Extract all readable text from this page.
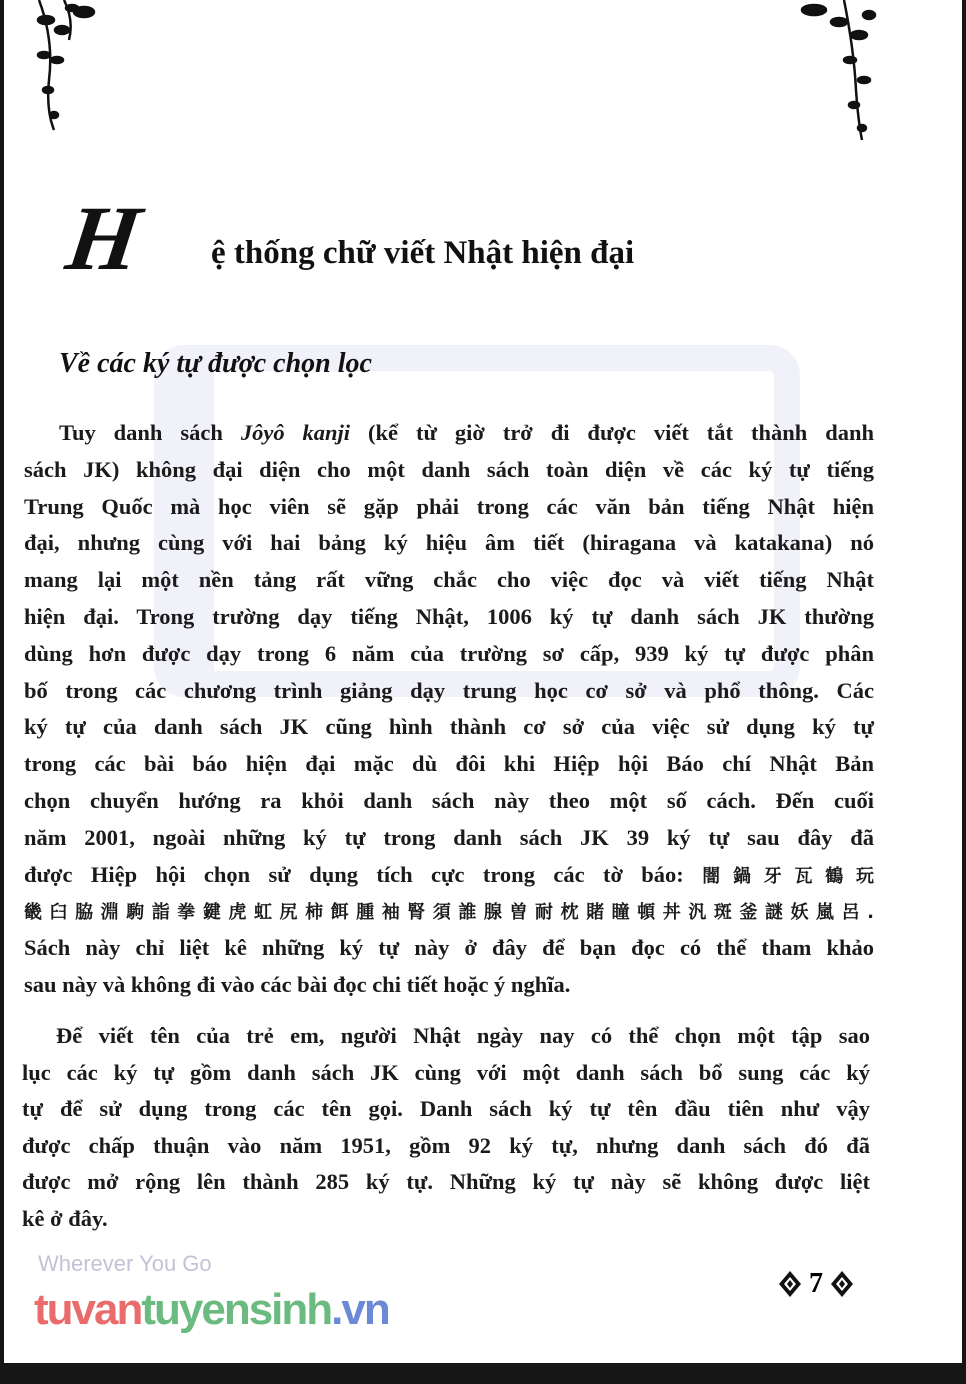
Wherever You Go
tuvantuyensinh.vn
H ệ thống chữ viết Nhật hiện đại
Về các ký tự được chọn lọc
Tuy danh sách Jôyô kanji (kể từ giờ trở đi được viết tắt thành danh
sách JK) không đại diện cho một danh sách toàn diện về các ký tự tiếng
Trung Quốc mà học viên sẽ gặp phải trong các văn bản tiếng Nhật hiện
đại, nhưng cùng với hai bảng ký hiệu âm tiết (hiragana và katakana) nó
mang lại một nền tảng rất vững chắc cho việc đọc và viết tiếng Nhật
hiện đại. Trong trường dạy tiếng Nhật, 1006 ký tự danh sách JK thường
dùng hơn được dạy trong 6 năm của trường sơ cấp, 939 ký tự được phân
bố trong các chương trình giảng dạy trung học cơ sở và phổ thông. Các
ký tự của danh sách JK cũng hình thành cơ sở của việc sử dụng ký tự
trong các bài báo hiện đại mặc dù đôi khi Hiệp hội Báo chí Nhật Bản
chọn chuyển hướng ra khỏi danh sách này theo một số cách. Đến cuối
năm 2001, ngoài những ký tự trong danh sách JK 39 ký tự sau đây đã
được Hiệp hội chọn sử dụng tích cực trong các tờ báo: 闇鍋牙瓦鶴玩
畿臼脇淵駒詣拳鍵虎虹尻柿餌腫袖腎須誰腺曽耐枕賭瞳頓丼汎斑釜謎妖嵐呂.
Sách này chỉ liệt kê những ký tự này ở đây để bạn đọc có thể tham khảo
sau này và không đi vào các bài đọc chi tiết hoặc ý nghĩa.
Để viết tên của trẻ em, người Nhật ngày nay có thể chọn một tập sao
lục các ký tự gồm danh sách JK cùng với một danh sách bổ sung các ký
tự để sử dụng trong các tên gọi. Danh sách ký tự tên đầu tiên như vậy
được chấp thuận vào năm 1951, gồm 92 ký tự, nhưng danh sách đó đã
được mở rộng lên thành 285 ký tự. Những ký tự này sẽ không được liệt
kê ở đây.
7
